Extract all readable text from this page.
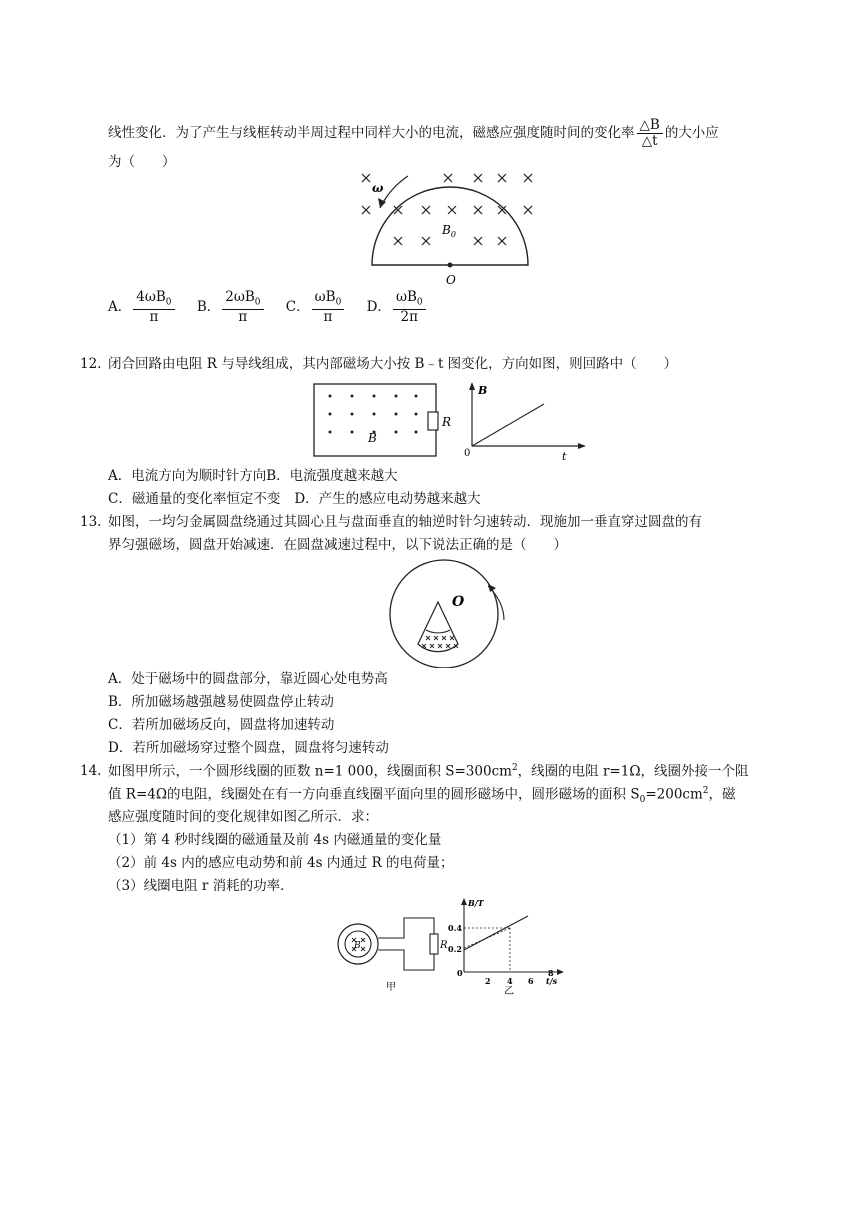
线性变化．为了产生与线框转动半周过程中同样大小的电流，磁感应强度随时间的变化率 $\frac{\triangle B}{\triangle t}$ 的大小应
为（　　）
ω
$B_0$
O
A． $\frac{4\omega B_0}{\pi}$
B． $\frac{2\omega B_0}{\pi}$
C． $\frac{\omega B_0}{\pi}$
D． $\frac{\omega B_0}{2\pi}$
12. 闭合回路由电阻 R 与导线组成，其内部磁场大小按 B﹣t 图变化，方向如图，则回路中（　　）
B
R
B
t
0
A．电流方向为顺时针方向B．电流强度越来越大
C．磁通量的变化率恒定不变 D．产生的感应电动势越来越大
13. 如图，一均匀金属圆盘绕通过其圆心且与盘面垂直的轴逆时针匀速转动．现施加一垂直穿过圆盘的有
界匀强磁场，圆盘开始减速．在圆盘减速过程中，以下说法正确的是（　　）
O
A．处于磁场中的圆盘部分，靠近圆心处电势高
B．所加磁场越强越易使圆盘停止转动
C．若所加磁场反向，圆盘将加速转动
D．若所加磁场穿过整个圆盘，圆盘将匀速转动
14. 如图甲所示，一个圆形线圈的匝数 n=1 000，线圈面积 $S=300cm^2$，线圈的电阻 r=1Ω，线圈外接一个阻
值 R=4Ω的电阻，线圈处在有一方向垂直线圈平面向里的圆形磁场中，圆形磁场的面积 $S_0=200cm^2$，磁
感应强度随时间的变化规律如图乙所示．求：
（1）第 4 秒时线圈的磁通量及前 4s 内磁通量的变化量
（2）前 4s 内的感应电动势和前 4s 内通过 R 的电荷量；
（3）线圈电阻 r 消耗的功率．
B	R
甲
B/T
t/s
0.4
0.2
0
2 4 6
8
乙
